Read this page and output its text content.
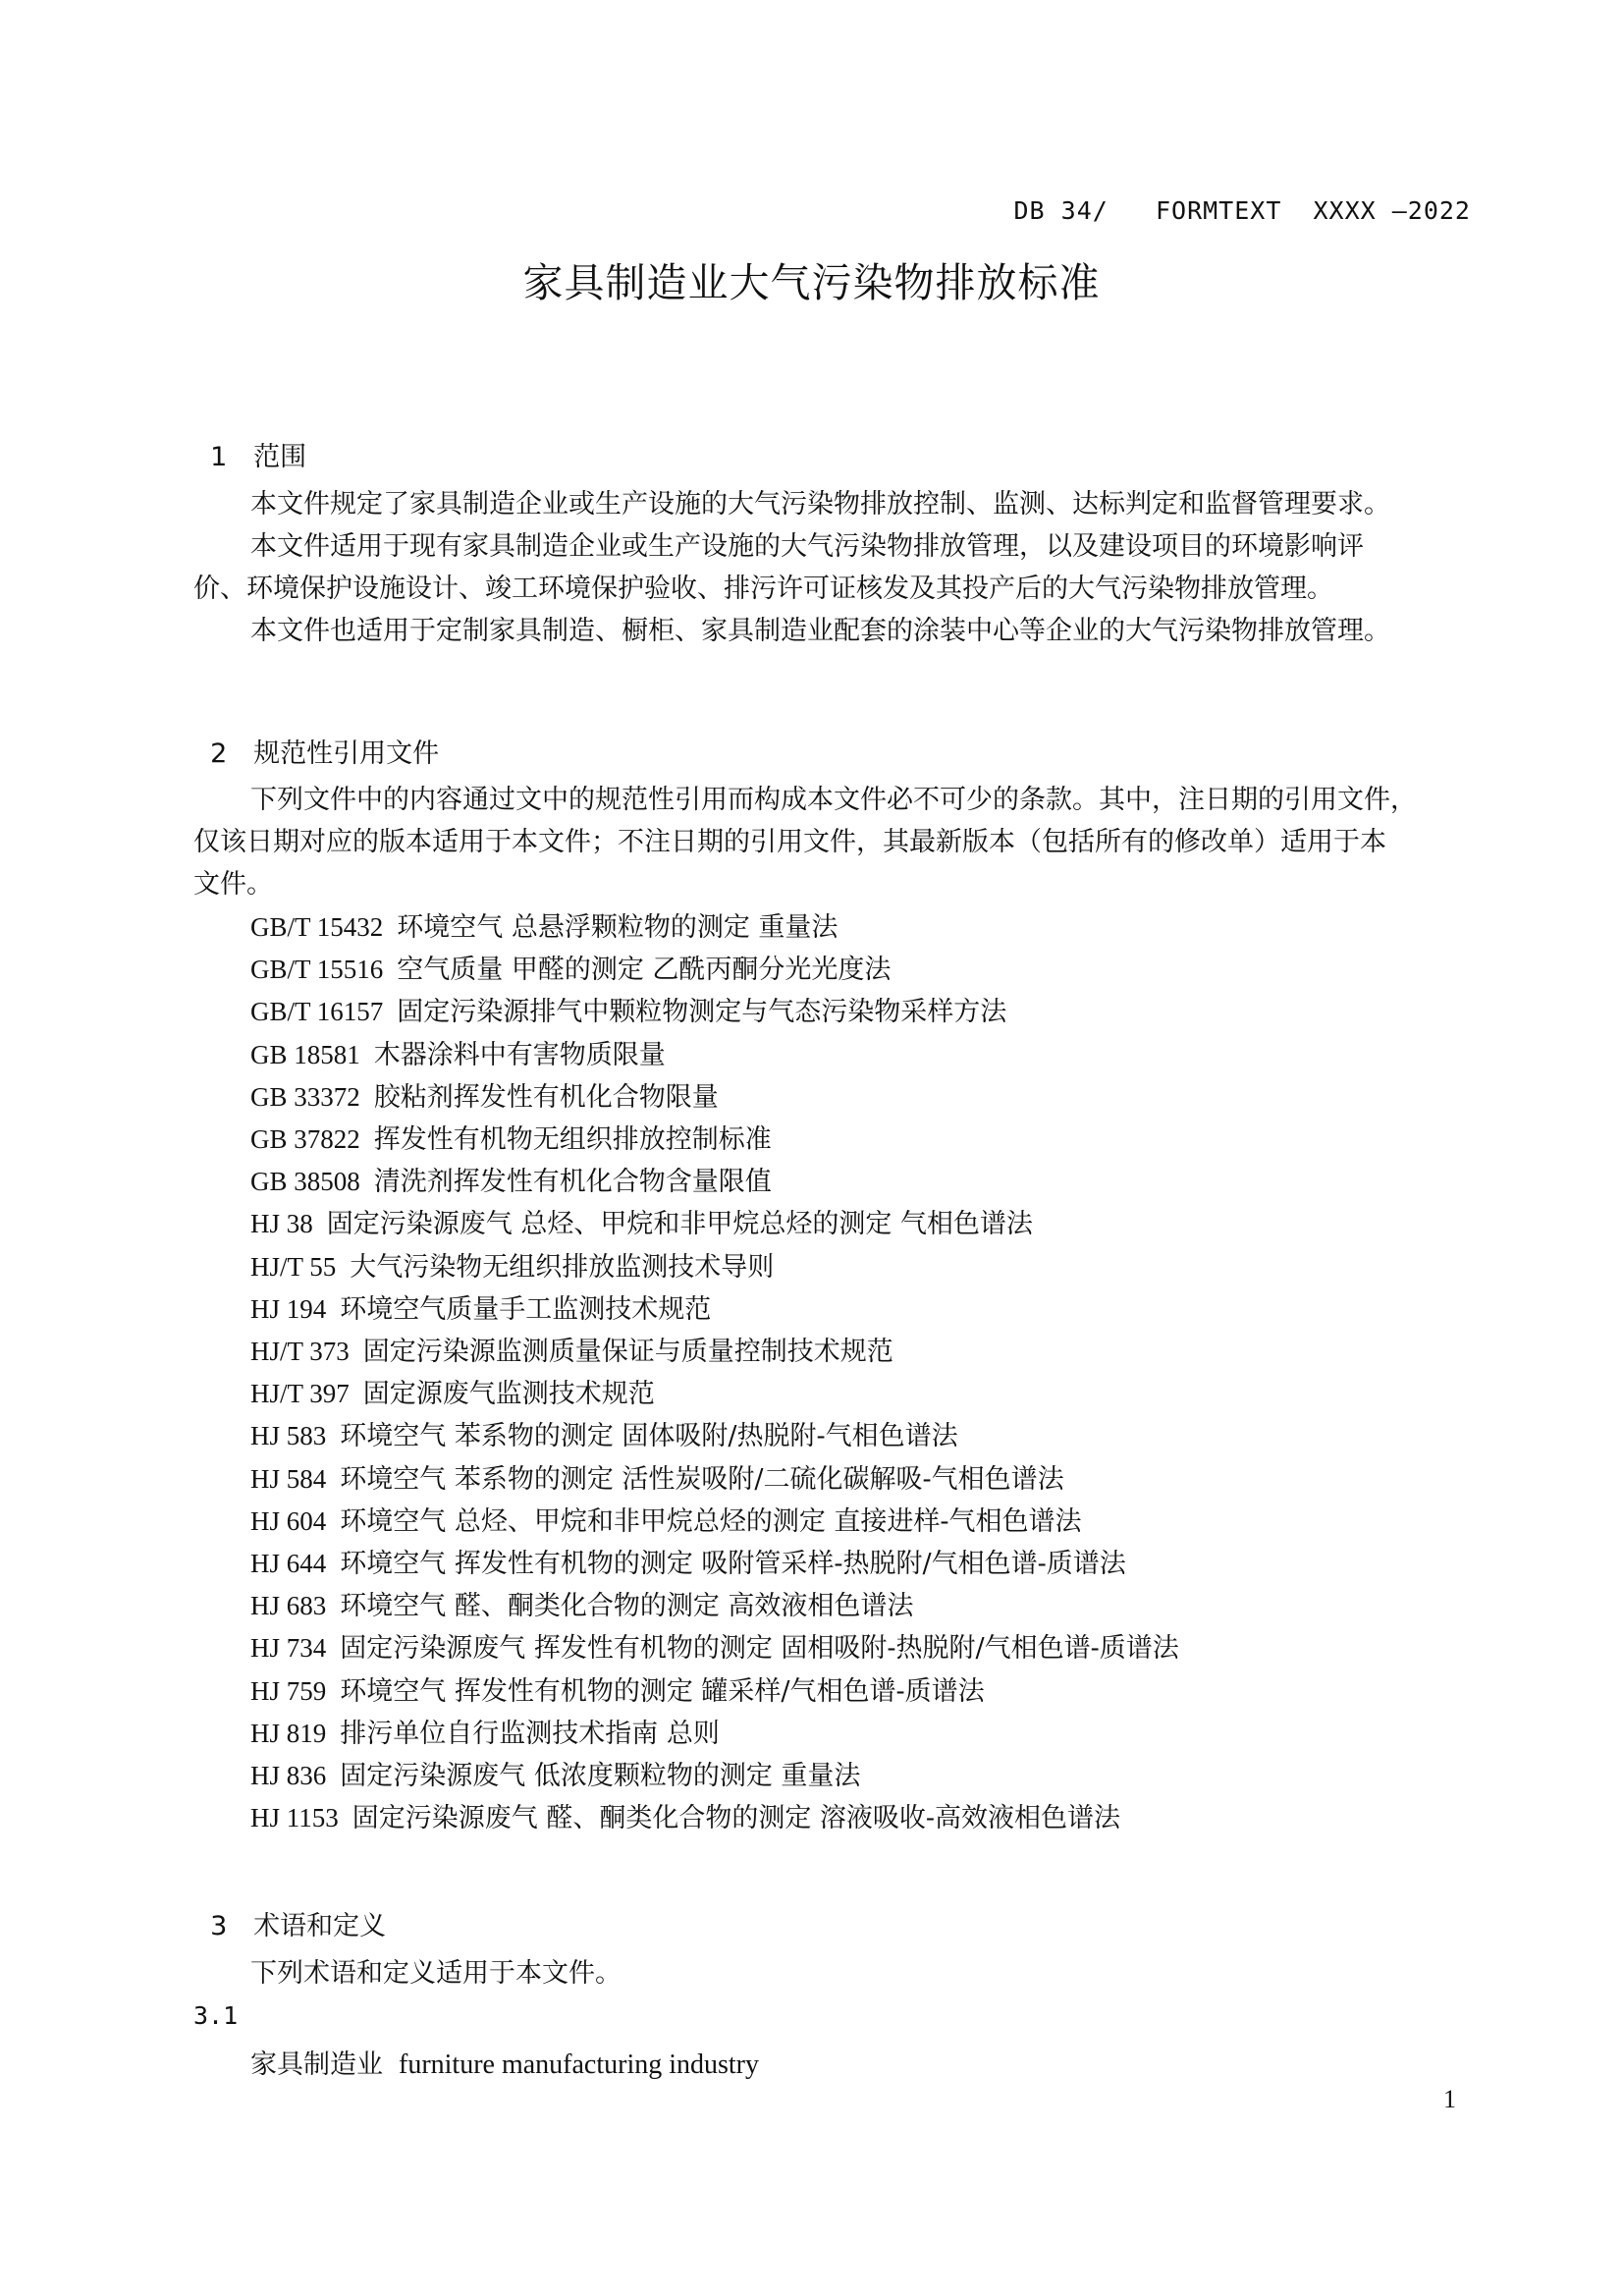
DB 34/   FORMTEXT  XXXX —2022
家具制造业大气污染物排放标准

1 范围

本文件规定了家具制造企业或生产设施的大气污染物排放控制、监测、达标判定和监督管理要求。
本文件适用于现有家具制造企业或生产设施的大气污染物排放管理，以及建设项目的环境影响评
价、环境保护设施设计、竣工环境保护验收、排污许可证核发及其投产后的大气污染物排放管理。
本文件也适用于定制家具制造、橱柜、家具制造业配套的涂装中心等企业的大气污染物排放管理。

2 规范性引用文件

下列文件中的内容通过文中的规范性引用而构成本文件必不可少的条款。其中，注日期的引用文件，
仅该日期对应的版本适用于本文件；不注日期的引用文件，其最新版本（包括所有的修改单）适用于本
文件。
GB/T 15432 环境空气 总悬浮颗粒物的测定 重量法
GB/T 15516 空气质量 甲醛的测定 乙酰丙酮分光光度法
GB/T 16157 固定污染源排气中颗粒物测定与气态污染物采样方法
GB 18581 木器涂料中有害物质限量
GB 33372 胶粘剂挥发性有机化合物限量
GB 37822 挥发性有机物无组织排放控制标准
GB 38508 清洗剂挥发性有机化合物含量限值
HJ 38 固定污染源废气 总烃、甲烷和非甲烷总烃的测定 气相色谱法
HJ/T 55 大气污染物无组织排放监测技术导则
HJ 194 环境空气质量手工监测技术规范
HJ/T 373 固定污染源监测质量保证与质量控制技术规范
HJ/T 397 固定源废气监测技术规范
HJ 583 环境空气 苯系物的测定 固体吸附/热脱附-气相色谱法
HJ 584 环境空气 苯系物的测定 活性炭吸附/二硫化碳解吸-气相色谱法
HJ 604 环境空气 总烃、甲烷和非甲烷总烃的测定 直接进样-气相色谱法
HJ 644 环境空气 挥发性有机物的测定 吸附管采样-热脱附/气相色谱-质谱法
HJ 683 环境空气 醛、酮类化合物的测定 高效液相色谱法
HJ 734 固定污染源废气 挥发性有机物的测定 固相吸附-热脱附/气相色谱-质谱法
HJ 759 环境空气 挥发性有机物的测定 罐采样/气相色谱-质谱法
HJ 819 排污单位自行监测技术指南 总则
HJ 836 固定污染源废气 低浓度颗粒物的测定 重量法
HJ 1153 固定污染源废气 醛、酮类化合物的测定 溶液吸收-高效液相色谱法

3 术语和定义

下列术语和定义适用于本文件。
3.1
家具制造业 furniture manufacturing industry
1
